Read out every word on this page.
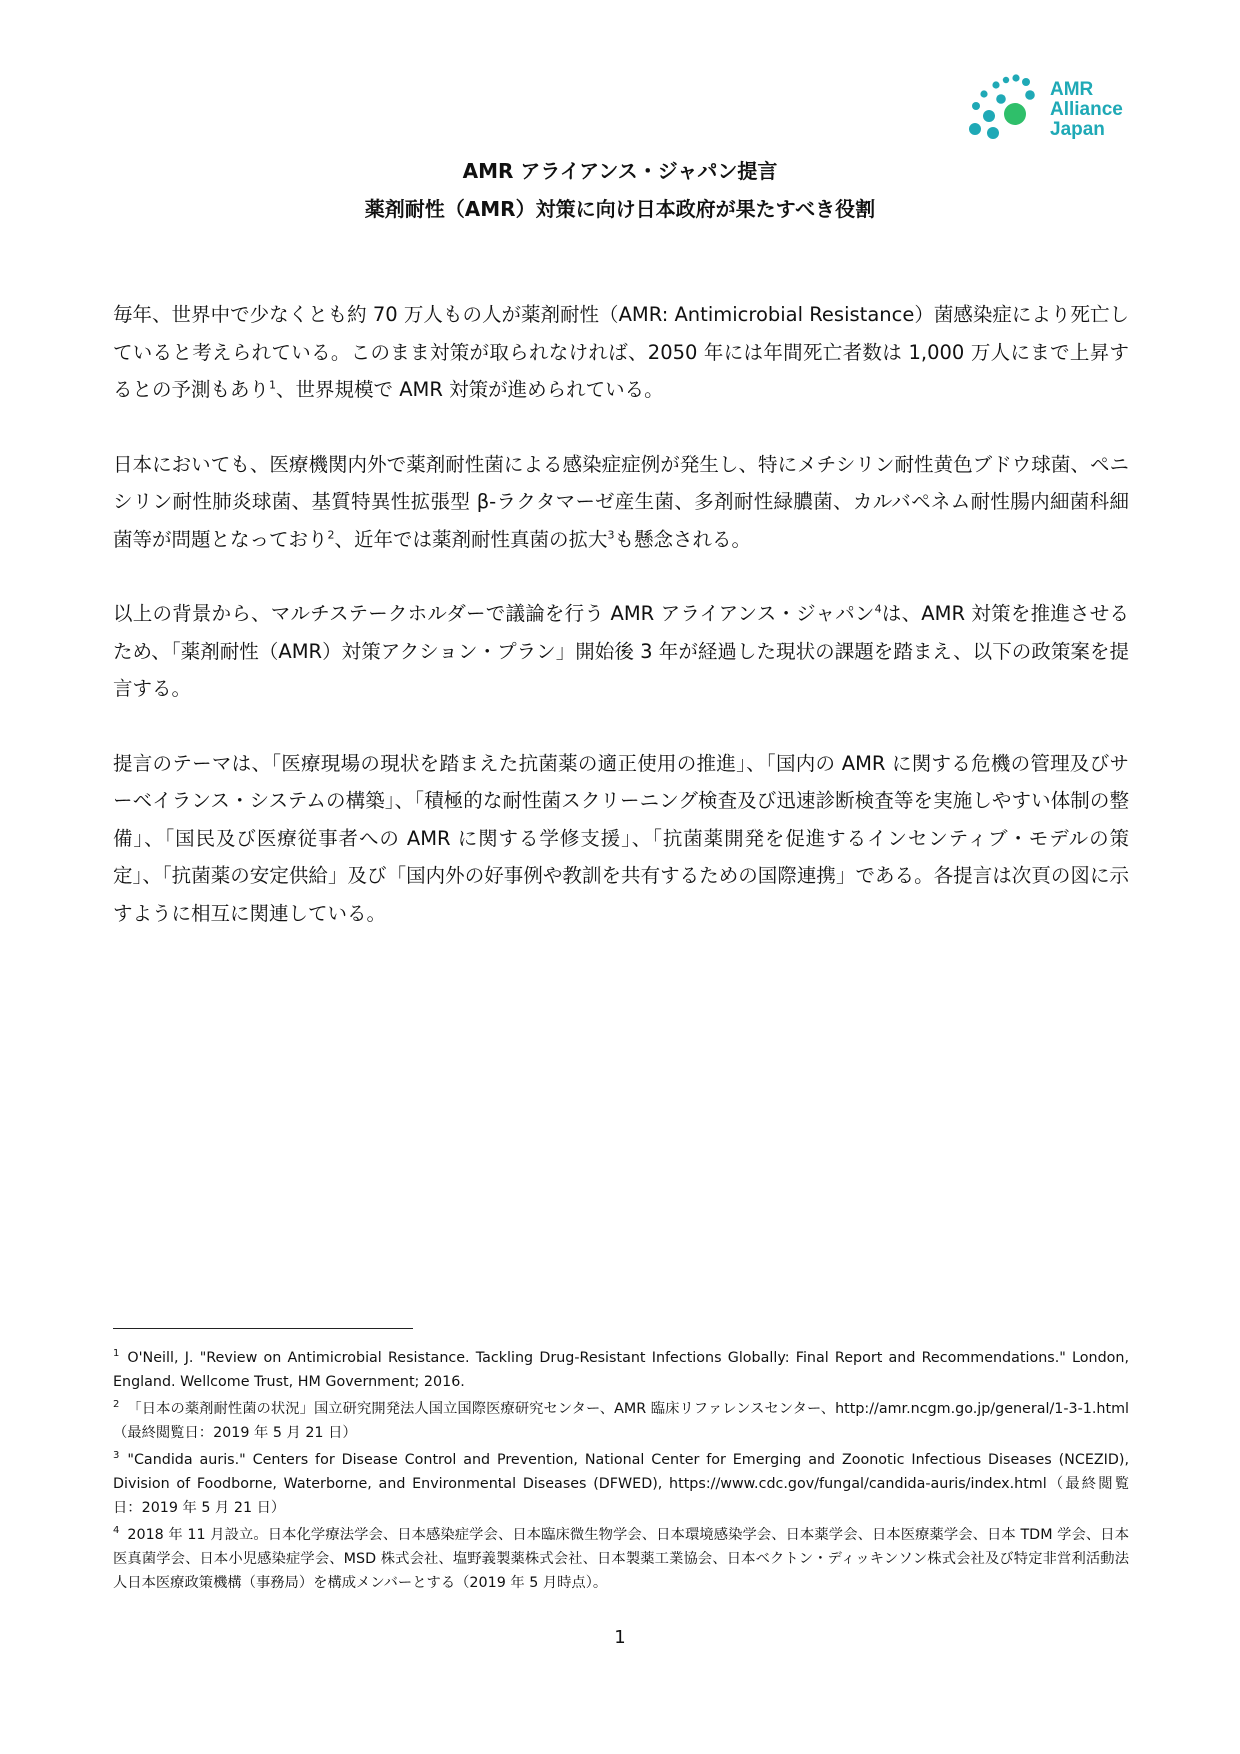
AMR
Alliance
Japan
AMR アライアンス・ジャパン提言
薬剤耐性（AMR）対策に向け日本政府が果たすべき役割

毎年、世界中で少なくとも約 70 万人もの人が薬剤耐性（AMR: Antimicrobial Resistance）菌感染症により死亡していると考えられている。このまま対策が取られなければ、2050 年には年間死亡者数は 1,000 万人にまで上昇するとの予測もあり$^1$、世界規模で AMR 対策が進められている。

日本においても、医療機関内外で薬剤耐性菌による感染症症例が発生し、特にメチシリン耐性黄色ブドウ球菌、ペニシリン耐性肺炎球菌、基質特異性拡張型 β-ラクタマーゼ産生菌、多剤耐性緑膿菌、カルバペネム耐性腸内細菌科細菌等が問題となっており$^2$、近年では薬剤耐性真菌の拡大$^3$も懸念される。

以上の背景から、マルチステークホルダーで議論を行う AMR アライアンス・ジャパン$^4$は、AMR 対策を推進させるため、「薬剤耐性（AMR）対策アクション・プラン」開始後 3 年が経過した現状の課題を踏まえ、以下の政策案を提言する。

提言のテーマは、「医療現場の現状を踏まえた抗菌薬の適正使用の推進」、「国内の AMR に関する危機の管理及びサーベイランス・システムの構築」、「積極的な耐性菌スクリーニング検査及び迅速診断検査等を実施しやすい体制の整備」、「国民及び医療従事者への AMR に関する学修支援」、「抗菌薬開発を促進するインセンティブ・モデルの策定」、「抗菌薬の安定供給」及び「国内外の好事例や教訓を共有するための国際連携」である。各提言は次頁の図に示すように相互に関連している。

$^1$ O'Neill, J. "Review on Antimicrobial Resistance. Tackling Drug-Resistant Infections Globally: Final Report and Recommendations." London, England. Wellcome Trust, HM Government; 2016.

$^2$ 「日本の薬剤耐性菌の状況」国立研究開発法人国立国際医療研究センター、AMR 臨床リファレンスセンター、http://amr.ncgm.go.jp/general/1-3-1.html（最終閲覧日：2019 年 5 月 21 日）

$^3$ "Candida auris." Centers for Disease Control and Prevention, National Center for Emerging and Zoonotic Infectious Diseases (NCEZID), Division of Foodborne, Waterborne, and Environmental Diseases (DFWED), https://www.cdc.gov/fungal/candida-auris/index.html（最終閲覧日：2019 年 5 月 21 日）

$^4$ 2018 年 11 月設立。日本化学療法学会、日本感染症学会、日本臨床微生物学会、日本環境感染学会、日本薬学会、日本医療薬学会、日本 TDM 学会、日本医真菌学会、日本小児感染症学会、MSD 株式会社、塩野義製薬株式会社、日本製薬工業協会、日本ベクトン・ディッキンソン株式会社及び特定非営利活動法人日本医療政策機構（事務局）を構成メンバーとする（2019 年 5 月時点）。

1
